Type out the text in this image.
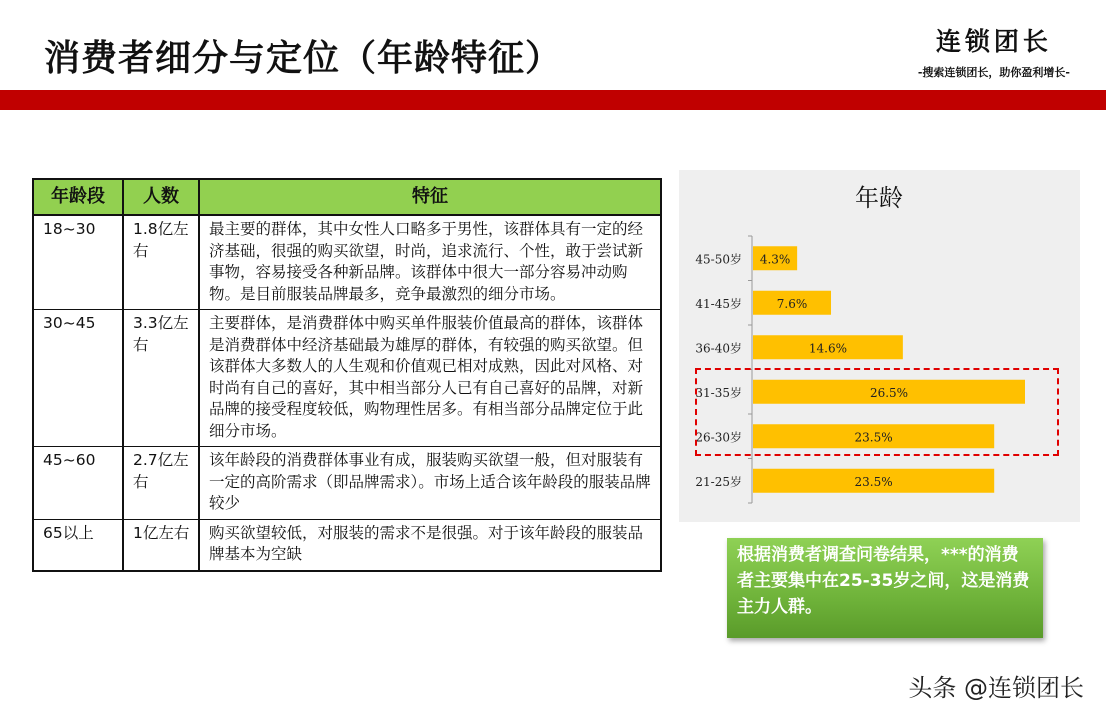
消费者细分与定位（年龄特征）	连锁团长
-搜索连锁团长，助你盈利增长-
年龄段	人数	特征
18~30	1.8亿左右	最主要的群体，其中女性人口略多于男性，该群体具有一定的经济基础，很强的购买欲望，时尚，追求流行、个性，敢于尝试新事物，容易接受各种新品牌。该群体中很大一部分容易冲动购物。是目前服装品牌最多，竞争最激烈的细分市场。
30~45	3.3亿左右	主要群体，是消费群体中购买单件服装价值最高的群体，该群体是消费群体中经济基础最为雄厚的群体，有较强的购买欲望。但该群体大多数人的人生观和价值观已相对成熟，因此对风格、对时尚有自己的喜好，其中相当部分人已有自己喜好的品牌，对新品牌的接受程度较低，购物理性居多。有相当部分品牌定位于此细分市场。
45~60	2.7亿左右	该年龄段的消费群体事业有成，服装购买欲望一般，但对服装有一定的高阶需求（即品牌需求）。市场上适合该年龄段的服装品牌较少
65以上	1亿左右	购买欲望较低，对服装的需求不是很强。对于该年龄段的服装品牌基本为空缺
年龄
45-50岁 4.3%
41-45岁	7.6%
36-40岁	14.6%
31-35岁	26.5%
26-30岁	23.5%
21-25岁	23.5%
根据消费者调查问卷结果，***的消费者主要集中在25-35岁之间，这是消费主力人群。
头条 @连锁团长
